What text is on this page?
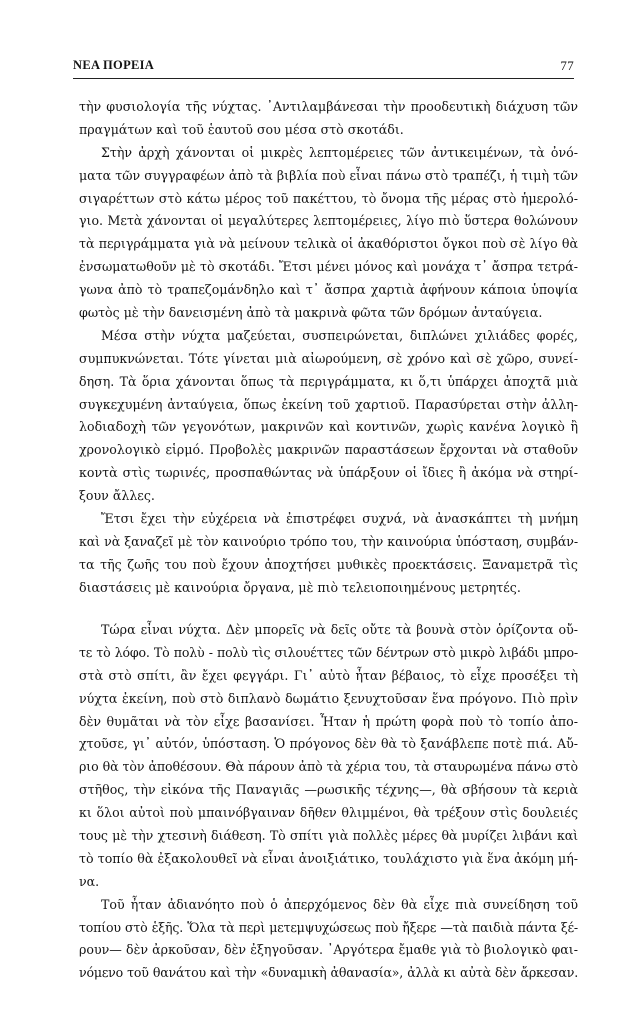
ΝΕΑ ΠΟΡΕΙΑ	77
τὴν φυσιολογία τῆς νύχτας. ᾿Αντιλαμβάνεσαι τὴν προοδευτικὴ διάχυση τῶν
πραγμάτων καὶ τοῦ ἑαυτοῦ σου μέσα στὸ σκοτάδι.
Στὴν ἀρχὴ χάνονται οἱ μικρὲς λεπτομέρειες τῶν ἀντικειμένων, τὰ ὀνό-
ματα τῶν συγγραφέων ἀπὸ τὰ βιβλία ποὺ εἶναι πάνω στὸ τραπέζι, ἡ τιμὴ τῶν
σιγαρέττων στὸ κάτω μέρος τοῦ πακέττου, τὸ ὄνομα τῆς μέρας στὸ ἡμερολό-
γιο. Μετὰ χάνονται οἱ μεγαλύτερες λεπτομέρειες, λίγο πιὸ ὕστερα θολώνουν
τὰ περιγράμματα γιὰ νὰ μείνουν τελικὰ οἱ ἀκαθόριστοι ὄγκοι ποὺ σὲ λίγο θὰ
ἐνσωματωθοῦν μὲ τὸ σκοτάδι. Ἔτσι μένει μόνος καὶ μονάχα τ᾿ ἄσπρα τετρά-
γωνα ἀπὸ τὸ τραπεζομάνδηλο καὶ τ᾿ ἄσπρα χαρτιὰ ἀφήνουν κάποια ὑποψία
φωτὸς μὲ τὴν δανεισμένη ἀπὸ τὰ μακρινὰ φῶτα τῶν δρόμων ἀνταύγεια.
Μέσα στὴν νύχτα μαζεύεται, συσπειρώνεται, διπλώνει χιλιάδες φορές,
συμπυκνώνεται. Τότε γίνεται μιὰ αἰωρούμενη, σὲ χρόνο καὶ σὲ χῶρο, συνεί-
δηση. Τὰ ὅρια χάνονται ὅπως τὰ περιγράμματα, κι ὅ,τι ὑπάρχει ἀποχτᾶ μιὰ
συγκεχυμένη ἀνταύγεια, ὅπως ἐκείνη τοῦ χαρτιοῦ. Παρασύρεται στὴν ἀλλη-
λοδιαδοχὴ τῶν γεγονότων, μακρινῶν καὶ κοντινῶν, χωρὶς κανένα λογικὸ ἢ
χρονολογικὸ εἱρμό. Προβολὲς μακρινῶν παραστάσεων ἔρχονται νὰ σταθοῦν
κοντὰ στὶς τωρινές, προσπαθώντας νὰ ὑπάρξουν οἱ ἴδιες ἢ ἀκόμα νὰ στηρί-
ξουν ἄλλες.
Ἔτσι ἔχει τὴν εὐχέρεια νὰ ἐπιστρέφει συχνά, νὰ ἀνασκάπτει τὴ μνήμη
καὶ νὰ ξαναζεῖ μὲ τὸν καινούριο τρόπο του, τὴν καινούρια ὑπόσταση, συμβάν-
τα τῆς ζωῆς του ποὺ ἔχουν ἀποχτήσει μυθικὲς προεκτάσεις. Ξαναμετρᾶ τὶς
διαστάσεις μὲ καινούρια ὄργανα, μὲ πιὸ τελειοποιημένους μετρητές.
Τώρα εἶναι νύχτα. Δὲν μπορεῖς νὰ δεῖς οὔτε τὰ βουνὰ στὸν ὁρίζοντα οὔ-
τε τὸ λόφο. Τὸ πολὺ - πολὺ τὶς σιλουέττες τῶν δέντρων στὸ μικρὸ λιβάδι μπρο-
στὰ στὸ σπίτι, ἂν ἔχει φεγγάρι. Γι᾿ αὐτὸ ἦταν βέβαιος, τὸ εἶχε προσέξει τὴ
νύχτα ἐκείνη, ποὺ στὸ διπλανὸ δωμάτιο ξενυχτοῦσαν ἕνα πρόγονο. Πιὸ πρὶν
δὲν θυμᾶται νὰ τὸν εἶχε βασανίσει. Ἦταν ἡ πρώτη φορὰ ποὺ τὸ τοπίο ἀπο-
χτοῦσε, γι᾿ αὐτόν, ὑπόσταση. Ὁ πρόγονος δὲν θὰ τὸ ξανάβλεπε ποτὲ πιά. Αὔ-
ριο θὰ τὸν ἀποθέσουν. Θὰ πάρουν ἀπὸ τὰ χέρια του, τὰ σταυρωμένα πάνω στὸ
στῆθος, τὴν εἰκόνα τῆς Παναγιᾶς —ρωσικῆς τέχνης—, θὰ σβήσουν τὰ κεριὰ
κι ὅλοι αὐτοὶ ποὺ μπαινόβγαιναν δῆθεν θλιμμένοι, θὰ τρέξουν στὶς δουλειές
τους μὲ τὴν χτεσινὴ διάθεση. Τὸ σπίτι γιὰ πολλὲς μέρες θὰ μυρίζει λιβάνι καὶ
τὸ τοπίο θὰ ἐξακολουθεῖ νὰ εἶναι ἀνοιξιάτικο, τουλάχιστο γιὰ ἕνα ἀκόμη μή-
να.
Τοῦ ἦταν ἀδιανόητο ποὺ ὁ ἀπερχόμενος δὲν θὰ εἶχε πιὰ συνείδηση τοῦ
τοπίου στὸ ἑξῆς. Ὅλα τὰ περὶ μετεμψυχώσεως ποὺ ἤξερε —τὰ παιδιὰ πάντα ξέ-
ρουν— δὲν ἀρκοῦσαν, δὲν ἐξηγοῦσαν. ᾿Αργότερα ἔμαθε γιὰ τὸ βιολογικὸ φαι-
νόμενο τοῦ θανάτου καὶ τὴν «δυναμικὴ ἀθανασία», ἀλλὰ κι αὐτὰ δὲν ἄρκεσαν.
